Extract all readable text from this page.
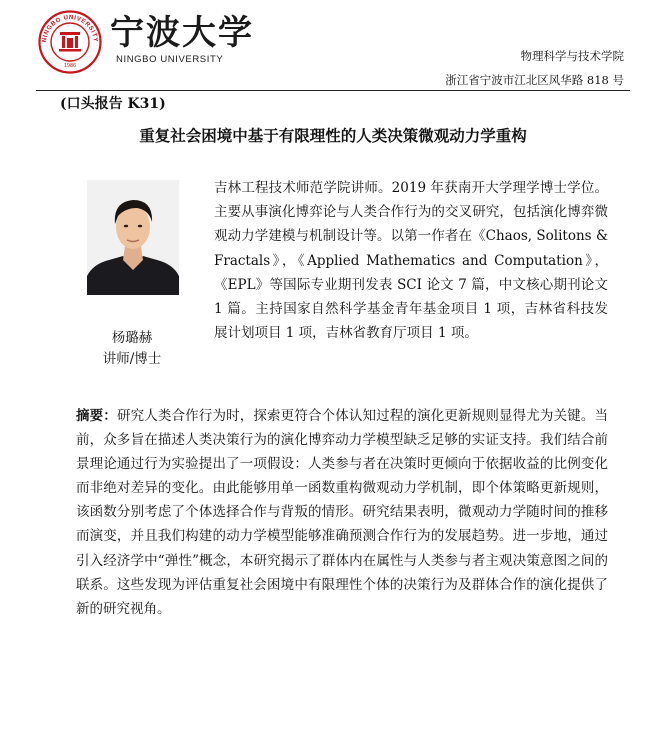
NINGBO UNIVERSITY
1986
宁波大学
NINGBO UNIVERSITY	物理科学与技术学院
浙江省宁波市江北区风华路 818 号
(口头报告 K31)
重复社会困境中基于有限理性的人类决策微观动力学重构
杨璐赫
讲师/博士
吉林工程技术师范学院讲师。2019 年获南开大学理学博士学位。主要从事演化博弈论与人类合作行为的交叉研究，包括演化博弈微观动力学建模与机制设计等。以第一作者在《Chaos, Solitons & Fractals》，《Applied Mathematics and Computation》，《EPL》等国际专业期刊发表 SCI 论文 7 篇，中文核心期刊论文 1 篇。主持国家自然科学基金青年基金项目 1 项，吉林省科技发展计划项目 1 项，吉林省教育厅项目 1 项。
摘要：研究人类合作行为时，探索更符合个体认知过程的演化更新规则显得尤为关键。当前，众多旨在描述人类决策行为的演化博弈动力学模型缺乏足够的实证支持。我们结合前景理论通过行为实验提出了一项假设：人类参与者在决策时更倾向于依据收益的比例变化而非绝对差异的变化。由此能够用单一函数重构微观动力学机制，即个体策略更新规则，该函数分别考虑了个体选择合作与背叛的情形。研究结果表明，微观动力学随时间的推移而演变，并且我们构建的动力学模型能够准确预测合作行为的发展趋势。进一步地，通过引入经济学中“弹性”概念，本研究揭示了群体内在属性与人类参与者主观决策意图之间的联系。这些发现为评估重复社会困境中有限理性个体的决策行为及群体合作的演化提供了新的研究视角。
